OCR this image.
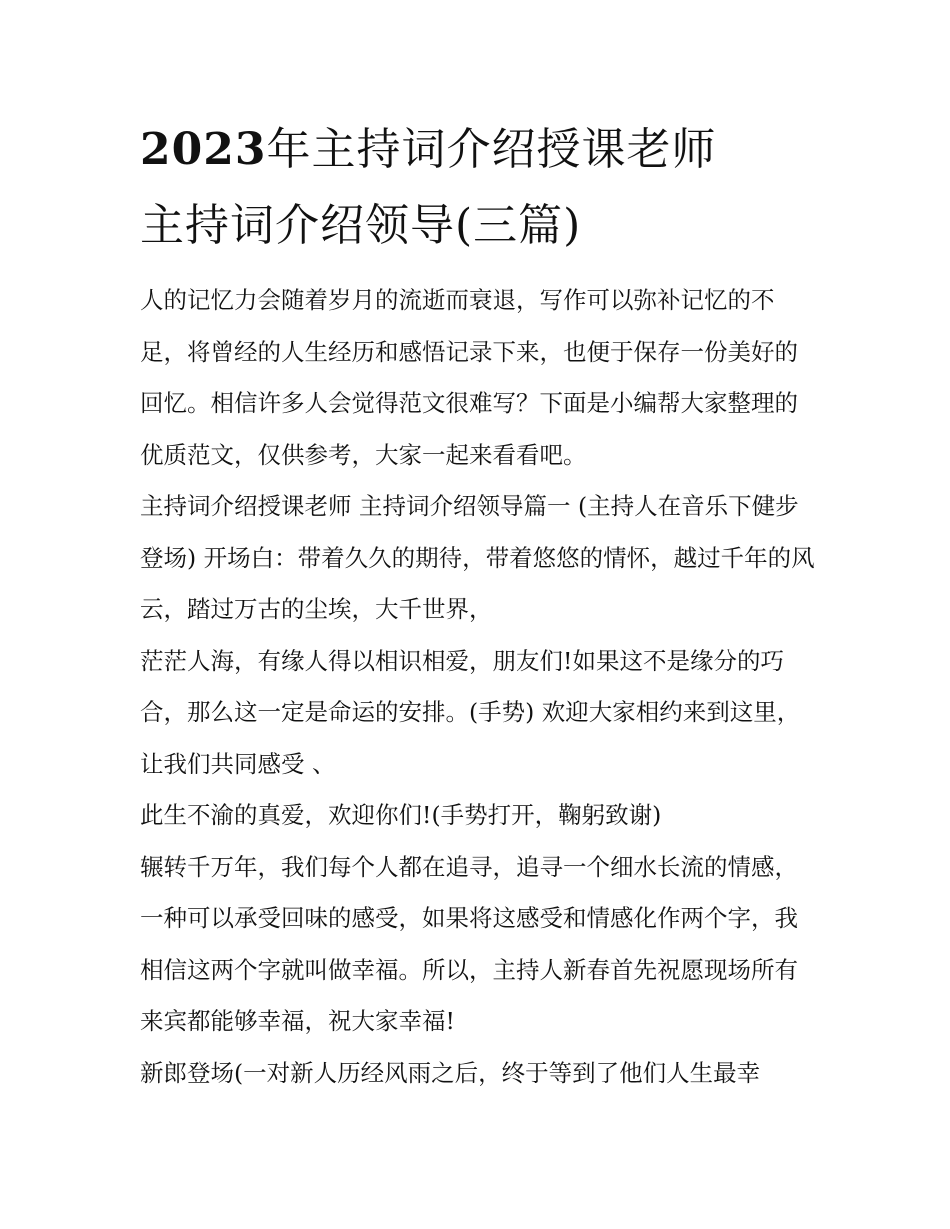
2023年主持词介绍授课老师
主持词介绍领导(三篇)

人的记忆力会随着岁月的流逝而衰退，写作可以弥补记忆的不足，将曾经的人生经历和感悟记录下来，也便于保存一份美好的回忆。相信许多人会觉得范文很难写？下面是小编帮大家整理的优质范文，仅供参考，大家一起来看看吧。

主持词介绍授课老师 主持词介绍领导篇一 (主持人在音乐下健步登场) 开场白：带着久久的期待，带着悠悠的情怀，越过千年的风云，踏过万古的尘埃，大千世界，

茫茫人海，有缘人得以相识相爱，朋友们!如果这不是缘分的巧合，那么这一定是命运的安排。(手势) 欢迎大家相约来到这里，让我们共同感受 、

此生不渝的真爱，欢迎你们!(手势打开，鞠躬致谢)

辗转千万年，我们每个人都在追寻，追寻一个细水长流的情感，一种可以承受回味的感受，如果将这感受和情感化作两个字，我相信这两个字就叫做幸福。所以，主持人新春首先祝愿现场所有来宾都能够幸福，祝大家幸福!

新郎登场(一对新人历经风雨之后，终于等到了他们人生最幸
